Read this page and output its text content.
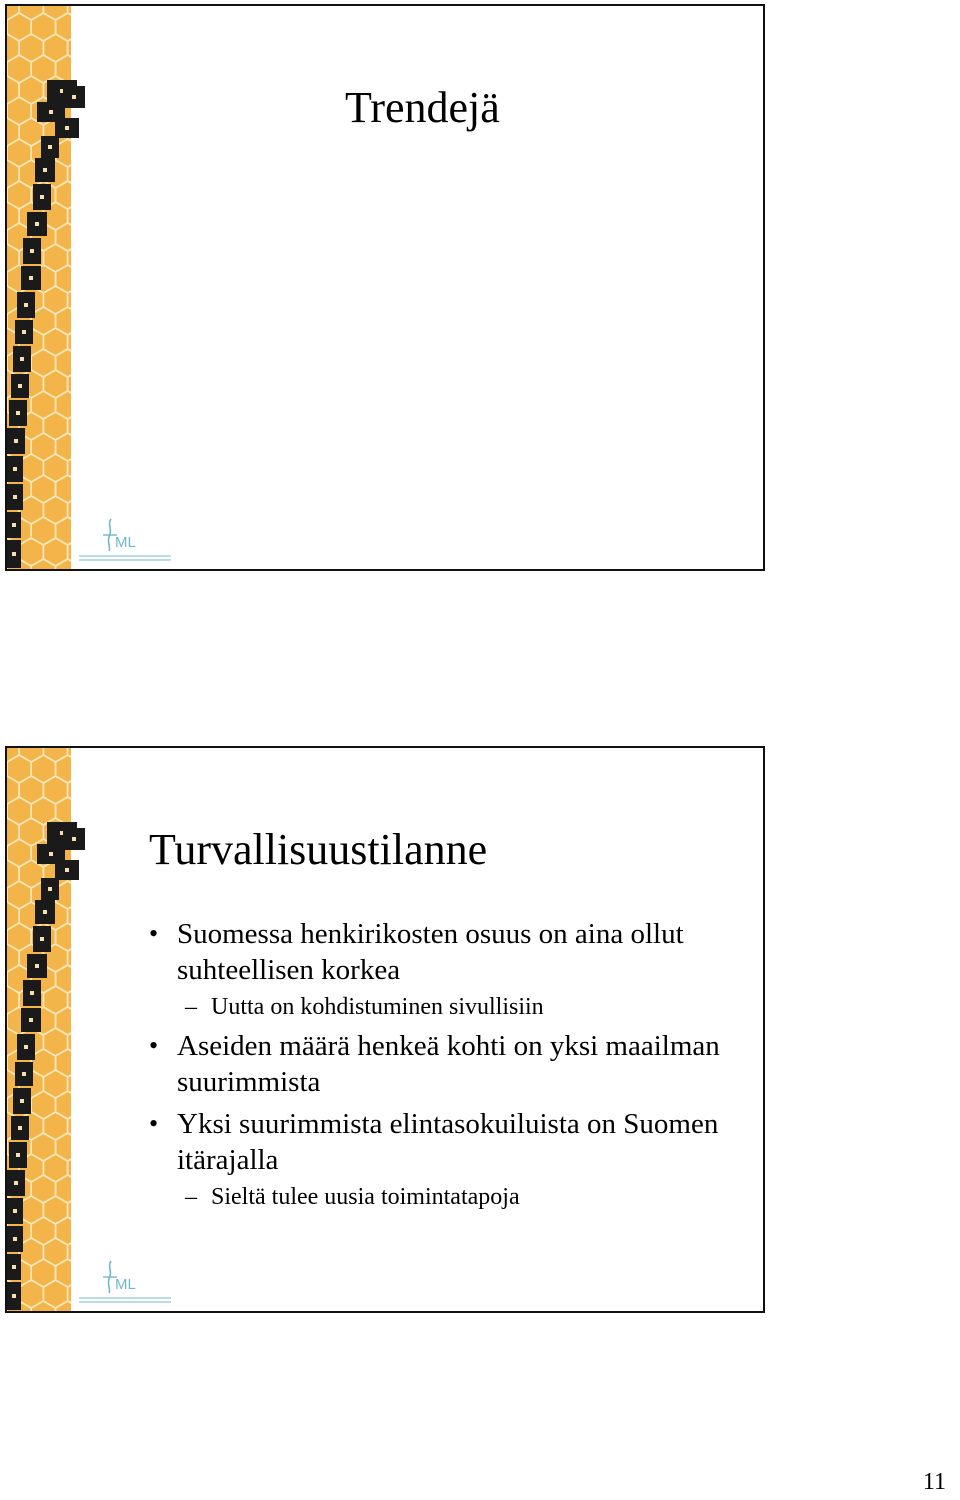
ML
Trendejä
ML
Turvallisuustilanne
• Suomessa henkirikosten osuus on aina ollut suhteellisen korkea
– Uutta on kohdistuminen sivullisiin
• Aseiden määrä henkeä kohti on yksi maailman suurimmista
• Yksi suurimmista elintasokuiluista on Suomen itärajalla
– Sieltä tulee uusia toimintatapoja
11
